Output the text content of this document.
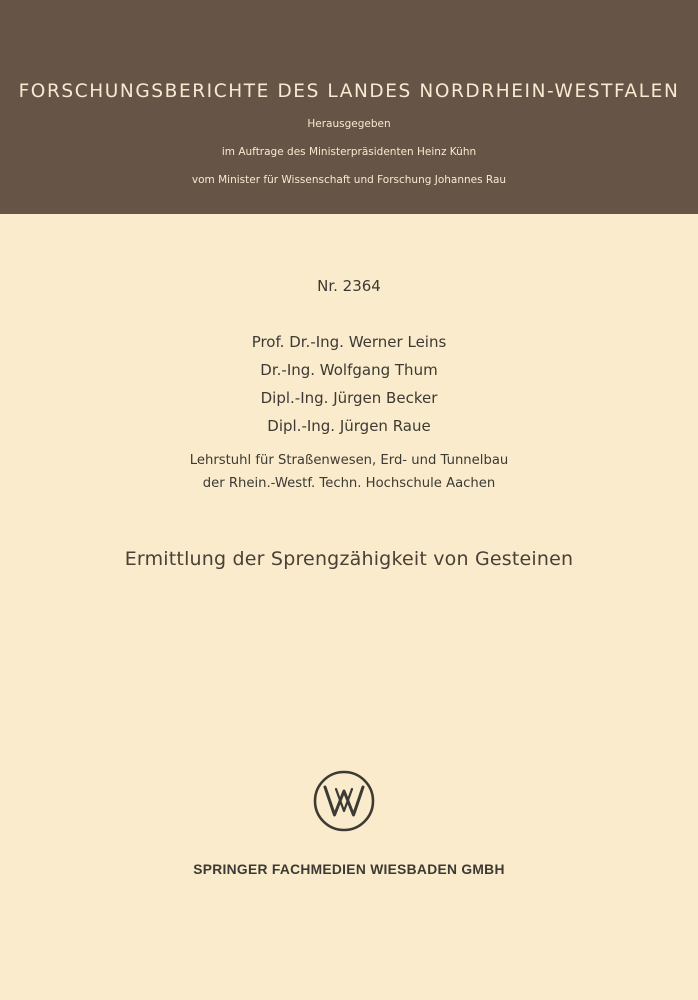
FORSCHUNGSBERICHTE DES LANDES NORDRHEIN-WESTFALEN
Herausgegeben
im Auftrage des Ministerpräsidenten Heinz Kühn
vom Minister für Wissenschaft und Forschung Johannes Rau
Nr. 2364
Prof. Dr.-Ing. Werner Leins
Dr.-Ing. Wolfgang Thum
Dipl.-Ing. Jürgen Becker
Dipl.-Ing. Jürgen Raue
Lehrstuhl für Straßenwesen, Erd- und Tunnelbau
der Rhein.-Westf. Techn. Hochschule Aachen
Ermittlung der Sprengzähigkeit von Gesteinen
SPRINGER FACHMEDIEN WIESBADEN GMBH
